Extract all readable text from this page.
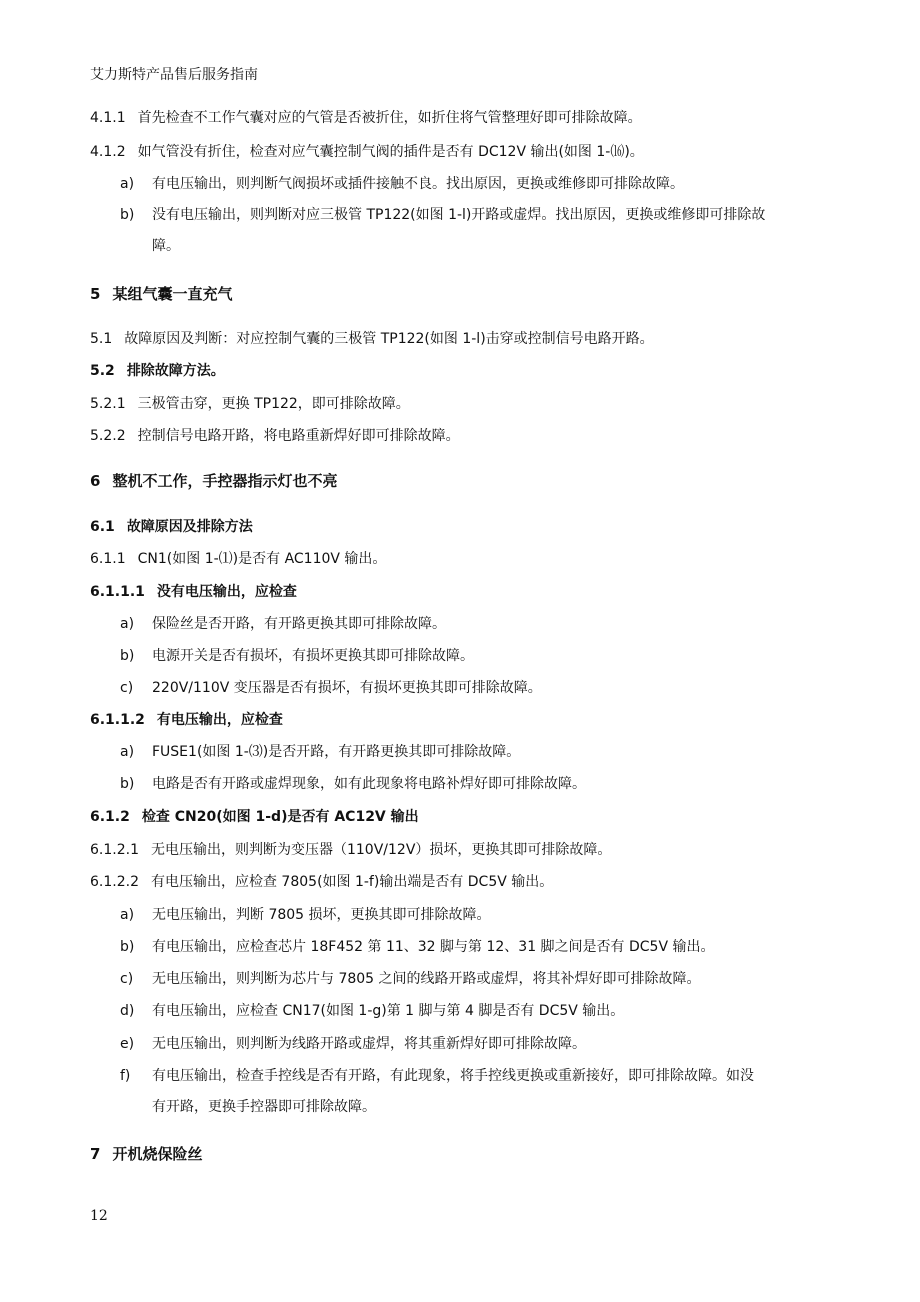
艾力斯特产品售后服务指南
4.1.1 首先检查不工作气囊对应的气管是否被折住，如折住将气管整理好即可排除故障。
4.1.2 如气管没有折住，检查对应气囊控制气阀的插件是否有 DC12V 输出(如图 1-⒃)。
a) 有电压输出，则判断气阀损坏或插件接触不良。找出原因，更换或维修即可排除故障。
b) 没有电压输出，则判断对应三极管 TP122(如图 1-l)开路或虚焊。找出原因，更换或维修即可排除故
障。
5 某组气囊一直充气
5.1 故障原因及判断：对应控制气囊的三极管 TP122(如图 1-l)击穿或控制信号电路开路。
5.2 排除故障方法。
5.2.1 三极管击穿，更换 TP122，即可排除故障。
5.2.2 控制信号电路开路，将电路重新焊好即可排除故障。
6 整机不工作，手控器指示灯也不亮
6.1 故障原因及排除方法
6.1.1 CN1(如图 1-⑴)是否有 AC110V 输出。
6.1.1.1 没有电压输出，应检查
a) 保险丝是否开路，有开路更换其即可排除故障。
b) 电源开关是否有损坏，有损坏更换其即可排除故障。
c) 220V/110V 变压器是否有损坏，有损坏更换其即可排除故障。
6.1.1.2 有电压输出，应检查
a) FUSE1(如图 1-⑶)是否开路，有开路更换其即可排除故障。
b) 电路是否有开路或虚焊现象，如有此现象将电路补焊好即可排除故障。
6.1.2 检查 CN20(如图 1-d)是否有 AC12V 输出
6.1.2.1 无电压输出，则判断为变压器（110V/12V）损坏，更换其即可排除故障。
6.1.2.2 有电压输出，应检查 7805(如图 1-f)输出端是否有 DC5V 输出。
a) 无电压输出，判断 7805 损坏，更换其即可排除故障。
b) 有电压输出，应检查芯片 18F452 第 11、32 脚与第 12、31 脚之间是否有 DC5V 输出。
c) 无电压输出，则判断为芯片与 7805 之间的线路开路或虚焊，将其补焊好即可排除故障。
d) 有电压输出，应检查 CN17(如图 1-g)第 1 脚与第 4 脚是否有 DC5V 输出。
e) 无电压输出，则判断为线路开路或虚焊，将其重新焊好即可排除故障。
f) 有电压输出，检查手控线是否有开路，有此现象，将手控线更换或重新接好，即可排除故障。如没
有开路，更换手控器即可排除故障。
7 开机烧保险丝
12
